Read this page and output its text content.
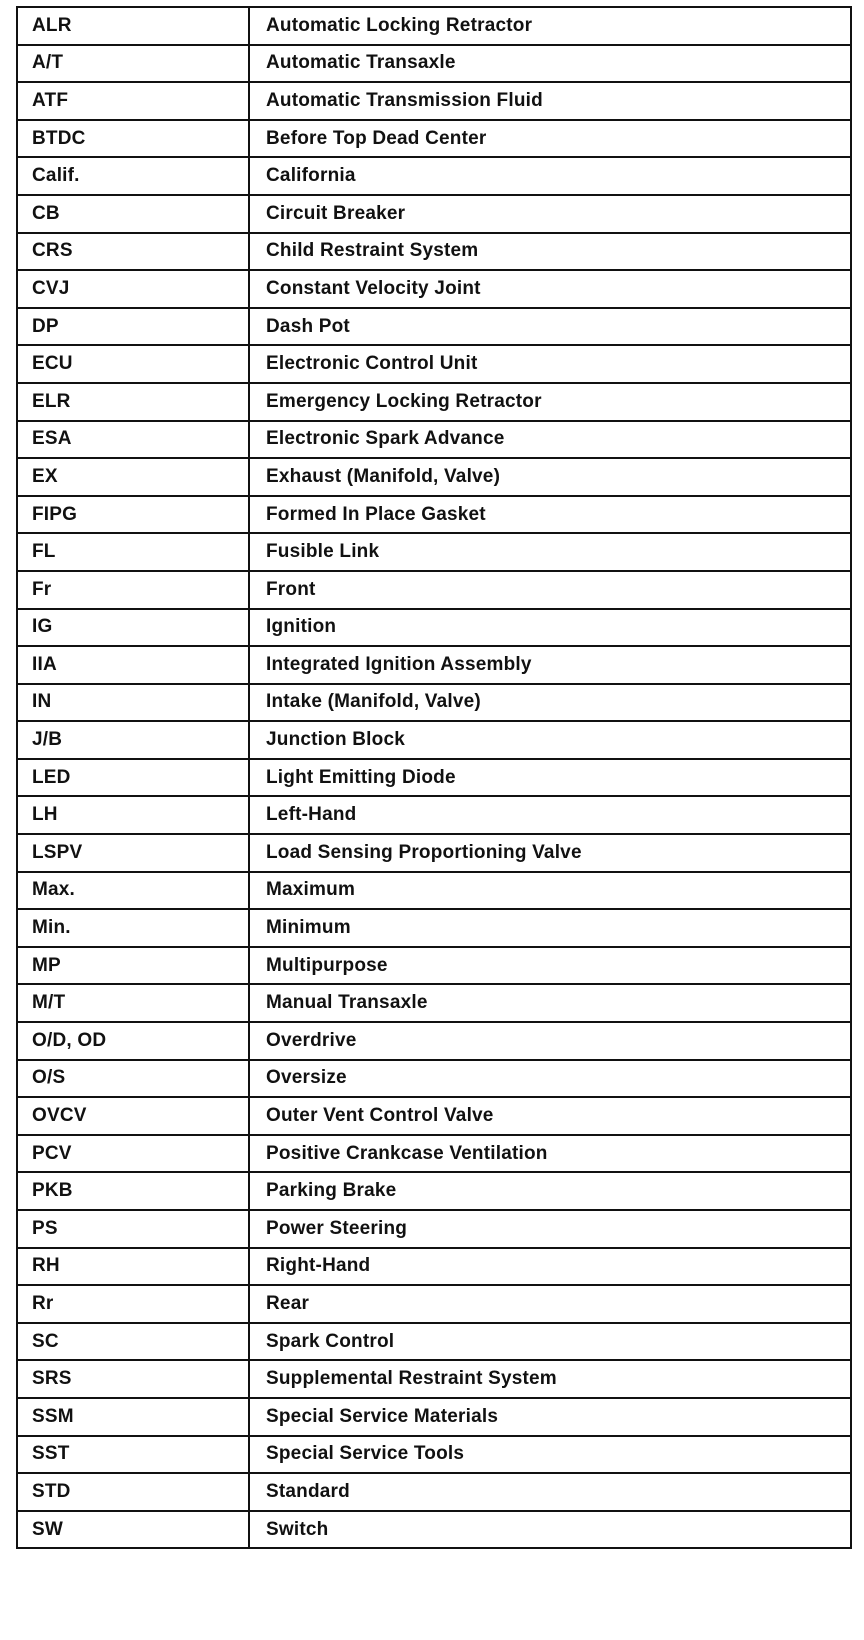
ALR	Automatic Locking Retractor
A/T	Automatic Transaxle
ATF	Automatic Transmission Fluid
BTDC	Before Top Dead Center
Calif.	California
CB	Circuit Breaker
CRS	Child Restraint System
CVJ	Constant Velocity Joint
DP	Dash Pot
ECU	Electronic Control Unit
ELR	Emergency Locking Retractor
ESA	Electronic Spark Advance
EX	Exhaust (Manifold, Valve)
FIPG	Formed In Place Gasket
FL	Fusible Link
Fr	Front
IG	Ignition
IIA	Integrated Ignition Assembly
IN	Intake (Manifold, Valve)
J/B	Junction Block
LED	Light Emitting Diode
LH	Left-Hand
LSPV	Load Sensing Proportioning Valve
Max.	Maximum
Min.	Minimum
MP	Multipurpose
M/T	Manual Transaxle
O/D, OD	Overdrive
O/S	Oversize
OVCV	Outer Vent Control Valve
PCV	Positive Crankcase Ventilation
PKB	Parking Brake
PS	Power Steering
RH	Right-Hand
Rr	Rear
SC	Spark Control
SRS	Supplemental Restraint System
SSM	Special Service Materials
SST	Special Service Tools
STD	Standard
SW	Switch
